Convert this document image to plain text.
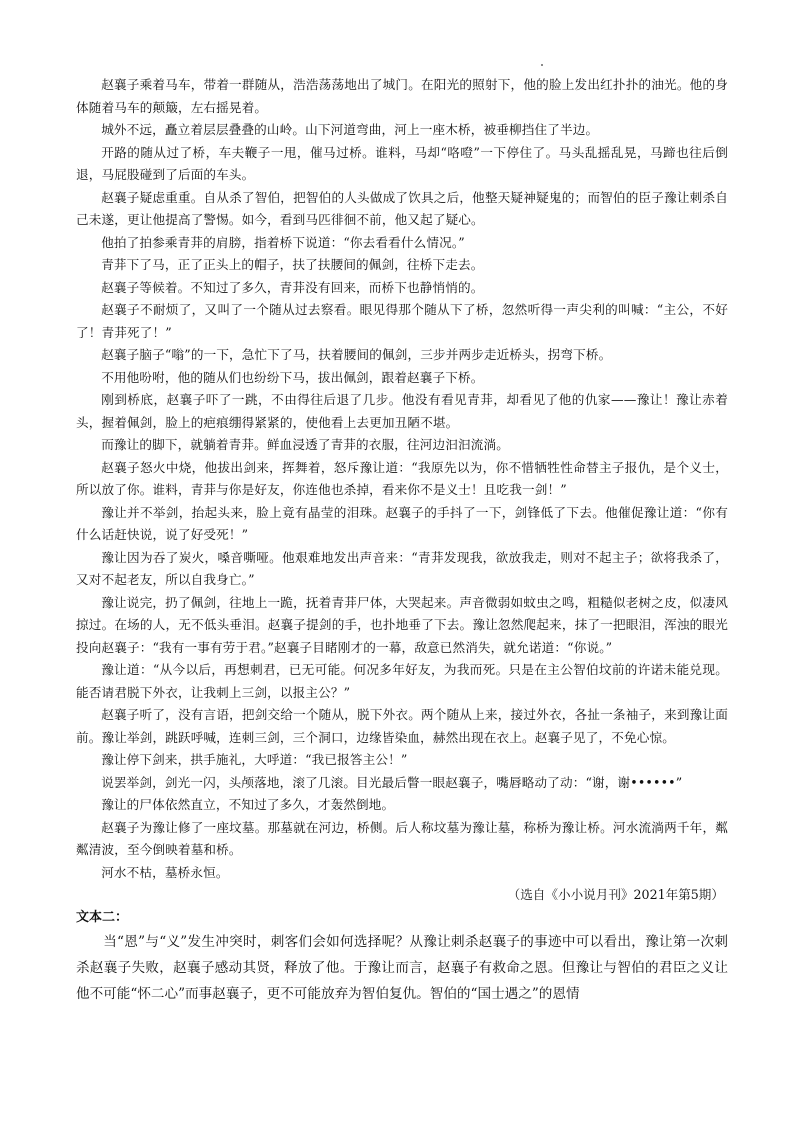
赵襄子乘着马车，带着一群随从，浩浩荡荡地出了城门。在阳光的照射下，他的脸上发出红扑扑的油光。他的身体随着马车的颠簸，左右摇晃着。

城外不远，矗立着层层叠叠的山岭。山下河道弯曲，河上一座木桥，被垂柳挡住了半边。

开路的随从过了桥，车夫鞭子一甩，催马过桥。谁料，马却“咯噔”一下停住了。马头乱摇乱晃，马蹄也往后倒退，马屁股碰到了后面的车头。

赵襄子疑虑重重。自从杀了智伯，把智伯的人头做成了饮具之后，他整天疑神疑鬼的；而智伯的臣子豫让刺杀自己未遂，更让他提高了警惕。如今，看到马匹徘徊不前，他又起了疑心。

他拍了拍参乘青荓的肩膀，指着桥下说道：“你去看看什么情况。”

青荓下了马，正了正头上的帽子，扶了扶腰间的佩剑，往桥下走去。

赵襄子等候着。不知过了多久，青荓没有回来，而桥下也静悄悄的。

赵襄子不耐烦了，又叫了一个随从过去察看。眼见得那个随从下了桥，忽然听得一声尖利的叫喊：“主公，不好了！青荓死了！”

赵襄子脑子“嗡”的一下，急忙下了马，扶着腰间的佩剑，三步并两步走近桥头，拐弯下桥。

不用他吩咐，他的随从们也纷纷下马，拔出佩剑，跟着赵襄子下桥。

刚到桥底，赵襄子吓了一跳，不由得往后退了几步。他没有看见青荓，却看见了他的仇家——豫让！豫让赤着头，握着佩剑，脸上的疤痕绷得紧紧的，使他看上去更加丑陋不堪。

而豫让的脚下，就躺着青荓。鲜血浸透了青荓的衣服，往河边汩汩流淌。

赵襄子怒火中烧，他拔出剑来，挥舞着，怒斥豫让道：“我原先以为，你不惜牺牲性命替主子报仇，是个义士，所以放了你。谁料，青荓与你是好友，你连他也杀掉，看来你不是义士！且吃我一剑！”

豫让并不举剑，抬起头来，脸上竟有晶莹的泪珠。赵襄子的手抖了一下，剑锋低了下去。他催促豫让道：“你有什么话赶快说，说了好受死！”

豫让因为吞了炭火，嗓音嘶哑。他艰难地发出声音来：“青荓发现我，欲放我走，则对不起主子；欲将我杀了，又对不起老友，所以自我身亡。”

豫让说完，扔了佩剑，往地上一跪，抚着青荓尸体，大哭起来。声音微弱如蚊虫之鸣，粗糙似老树之皮，似凄风掠过。在场的人，无不低头垂泪。赵襄子提剑的手，也扑地垂了下去。豫让忽然爬起来，抹了一把眼泪，浑浊的眼光投向赵襄子：“我有一事有劳于君。”赵襄子目睹刚才的一幕，敌意已然消失，就允诺道：“你说。”

豫让道：“从今以后，再想刺君，已无可能。何况多年好友，为我而死。只是在主公智伯坟前的许诺未能兑现。能否请君脱下外衣，让我刺上三剑，以报主公？”

赵襄子听了，没有言语，把剑交给一个随从，脱下外衣。两个随从上来，接过外衣，各扯一条袖子，来到豫让面前。豫让举剑，跳跃呼喊，连刺三剑，三个洞口，边缘皆染血，赫然出现在衣上。赵襄子见了，不免心惊。

豫让停下剑来，拱手施礼，大呼道：“我已报答主公！”

说罢举剑，剑光一闪，头颅落地，滚了几滚。目光最后瞥一眼赵襄子，嘴唇略动了动：“谢，谢••••••”

豫让的尸体依然直立，不知过了多久，才轰然倒地。

赵襄子为豫让修了一座坟墓。那墓就在河边，桥侧。后人称坟墓为豫让墓，称桥为豫让桥。河水流淌两千年，粼粼清波，至今倒映着墓和桥。

河水不枯，墓桥永恒。

（选自《小小说月刊》2021年第5期）

文本二：

当“恩”与“义”发生冲突时，刺客们会如何选择呢？从豫让刺杀赵襄子的事迹中可以看出，豫让第一次刺杀赵襄子失败，赵襄子感动其贤，释放了他。于豫让而言，赵襄子有救命之恩。但豫让与智伯的君臣之义让他不可能“怀二心”而事赵襄子，更不可能放弃为智伯复仇。智伯的“国士遇之”的恩情
